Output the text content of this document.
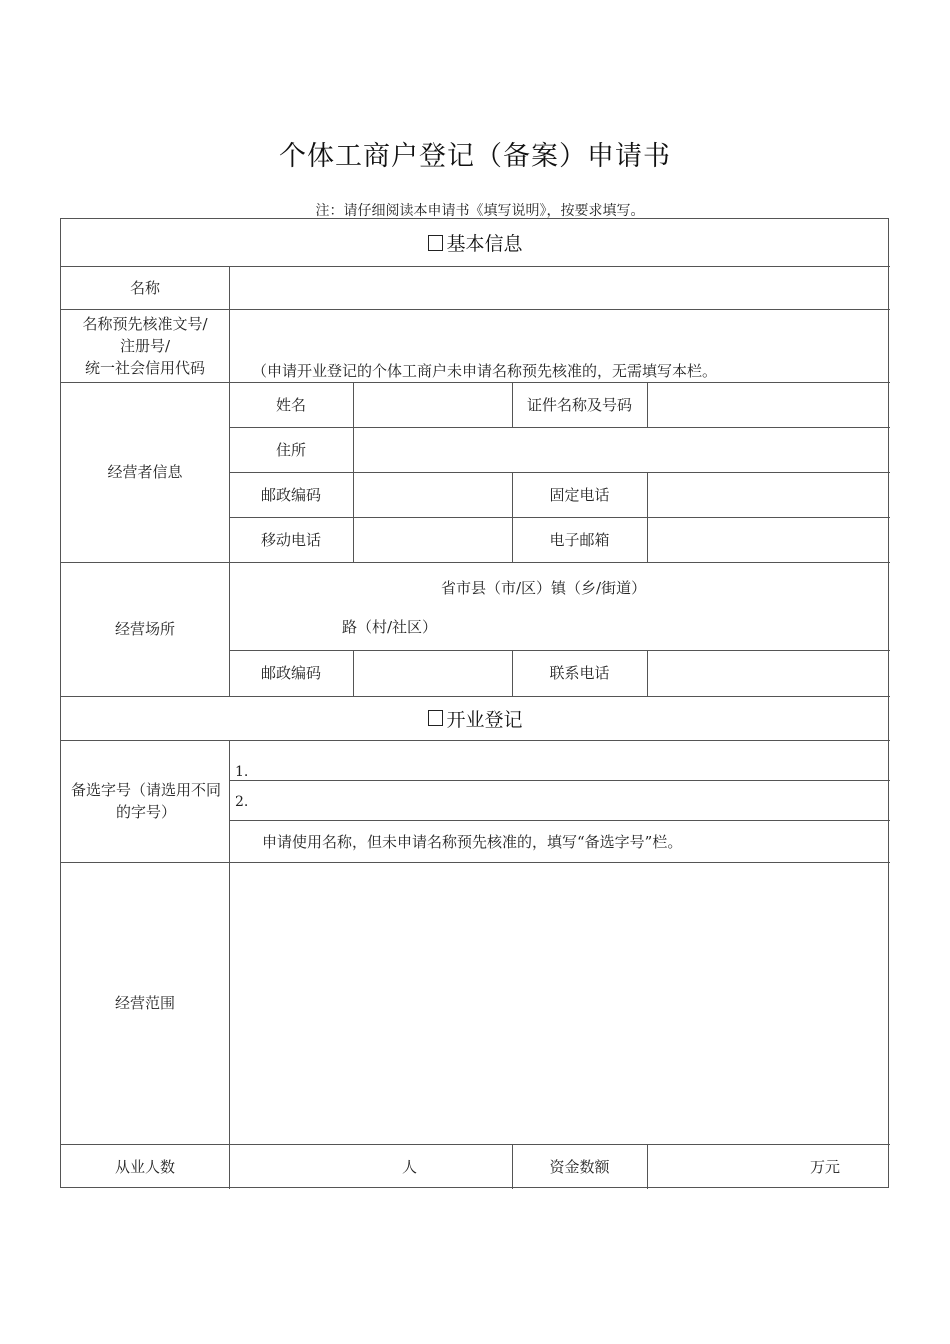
个体工商户登记（备案）申请书
注：请仔细阅读本申请书《填写说明》，按要求填写。
基本信息
名称
名称预先核准文号/
注册号/
统一社会信用代码	（申请开业登记的个体工商户未申请名称预先核准的，无需填写本栏。
经营者信息
姓名	证件名称及号码
住所
邮政编码	固定电话
移动电话	电子邮箱
经营场所
省市县（市/区）镇（乡/街道）
路（村/社区）
邮政编码	联系电话
开业登记
备选字号（请选用不同的字号）
1.
2.
申请使用名称，但未申请名称预先核准的，填写“备选字号”栏。
经营范围
从业人数	人	资金数额	万元
